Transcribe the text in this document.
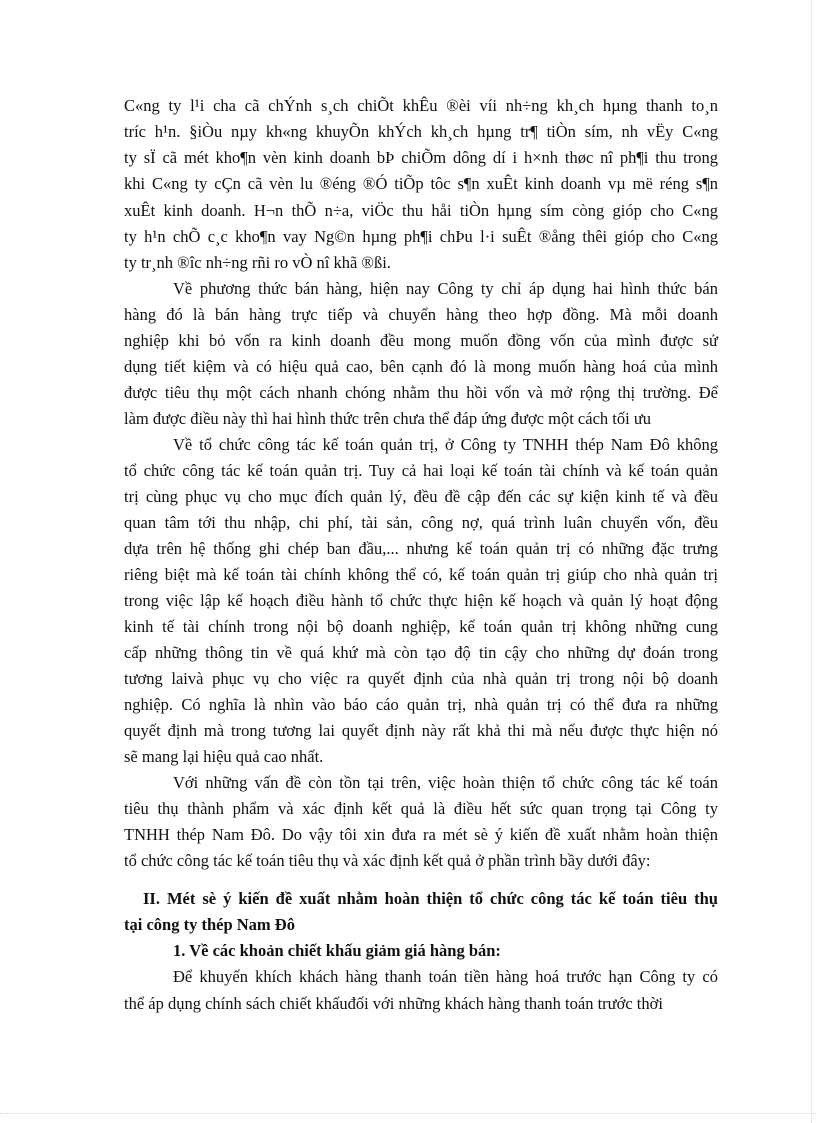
C«ng ty l¹i cha cã chÝnh s¸ch chiÕt khÊu ®èi víi nh÷ng kh¸ch hµng thanh to¸n
tríc h¹n. §iÒu nµy kh«ng khuyÕn khÝch kh¸ch hµng tr¶ tiÒn sím, nh vËy C«ng
ty sÏ cã mét kho¶n vèn kinh doanh bÞ chiÕm dông dí i h×nh thøc nî ph¶i thu trong
khi C«ng ty cÇn cã vèn lu ®éng ®Ó tiÕp tôc s¶n xuÊt kinh doanh vµ më réng s¶n
xuÊt kinh doanh. H¬n thÕ n÷a, viÖc thu håi tiÒn hµng sím còng gióp cho C«ng
ty h¹n chÕ c¸c kho¶n vay Ng©n hµng ph¶i chÞu l·i suÊt ®ång thêi gióp cho C«ng
ty tr¸nh ®îc nh÷ng rñi ro vÒ nî khã ®ßi.
Về phương thức bán hàng, hiện nay Công ty chỉ áp dụng hai hình thức bán
hàng đó là bán hàng trực tiếp và chuyển hàng theo hợp đồng. Mà mỗi doanh
nghiệp khi bỏ vốn ra kinh doanh đều mong muốn đồng vốn của mình được sử
dụng tiết kiệm và có hiệu quả cao, bên cạnh đó là mong muốn hàng hoá của mình
được tiêu thụ một cách nhanh chóng nhằm thu hồi vốn và mở rộng thị trường. Để
làm được điều này thì hai hình thức trên chưa thể đáp ứng được một cách tối ưu
Về tổ chức công tác kế toán quản trị, ở Công ty TNHH thép Nam Đô không
tổ chức công tác kế toán quản trị. Tuy cả hai loại kế toán tài chính và kế toán quản
trị cùng phục vụ cho mục đích quản lý, đều đề cập đến các sự kiện kinh tế và đều
quan tâm tới thu nhập, chi phí, tài sản, công nợ, quá trình luân chuyển vốn, đều
dựa trên hệ thống ghi chép ban đầu,... nhưng kế toán quản trị có những đặc trưng
riêng biệt mà kế toán tài chính không thể có, kế toán quản trị giúp cho nhà quản trị
trong việc lập kế hoạch điều hành tổ chức thực hiện kế hoạch và quản lý hoạt động
kinh tế tài chính trong nội bộ doanh nghiệp, kế toán quản trị không những cung
cấp những thông tin về quá khứ mà còn tạo độ tin cậy cho những dự đoán trong
tương laivà phục vụ cho việc ra quyết định của nhà quản trị trong nội bộ doanh
nghiệp. Có nghĩa là nhìn vào báo cáo quản trị, nhà quản trị có thể đưa ra những
quyết định mà trong tương lai quyết định này rất khả thi mà nếu được thực hiện nó
sẽ mang lại hiệu quả cao nhất.
Với những vấn đề còn tồn tại trên, việc hoàn thiện tổ chức công tác kế toán
tiêu thụ thành phẩm và xác định kết quả là điều hết sức quan trọng tại Công ty
TNHH thép Nam Đô. Do vậy tôi xin đưa ra mét sè ý kiến đề xuất nhằm hoàn thiện
tổ chức công tác kế toán tiêu thụ và xác định kết quả ở phần trình bầy dưới đây:
II. Mét sè ý kiến đề xuất nhằm hoàn thiện tổ chức công tác kế toán tiêu thụ
tại công ty thép Nam Đô
1. Về các khoản chiết khấu giảm giá hàng bán:
Để khuyến khích khách hàng thanh toán tiền hàng hoá trước hạn Công ty có
thể áp dụng chính sách chiết khấuđối với những khách hàng thanh toán trước thời
